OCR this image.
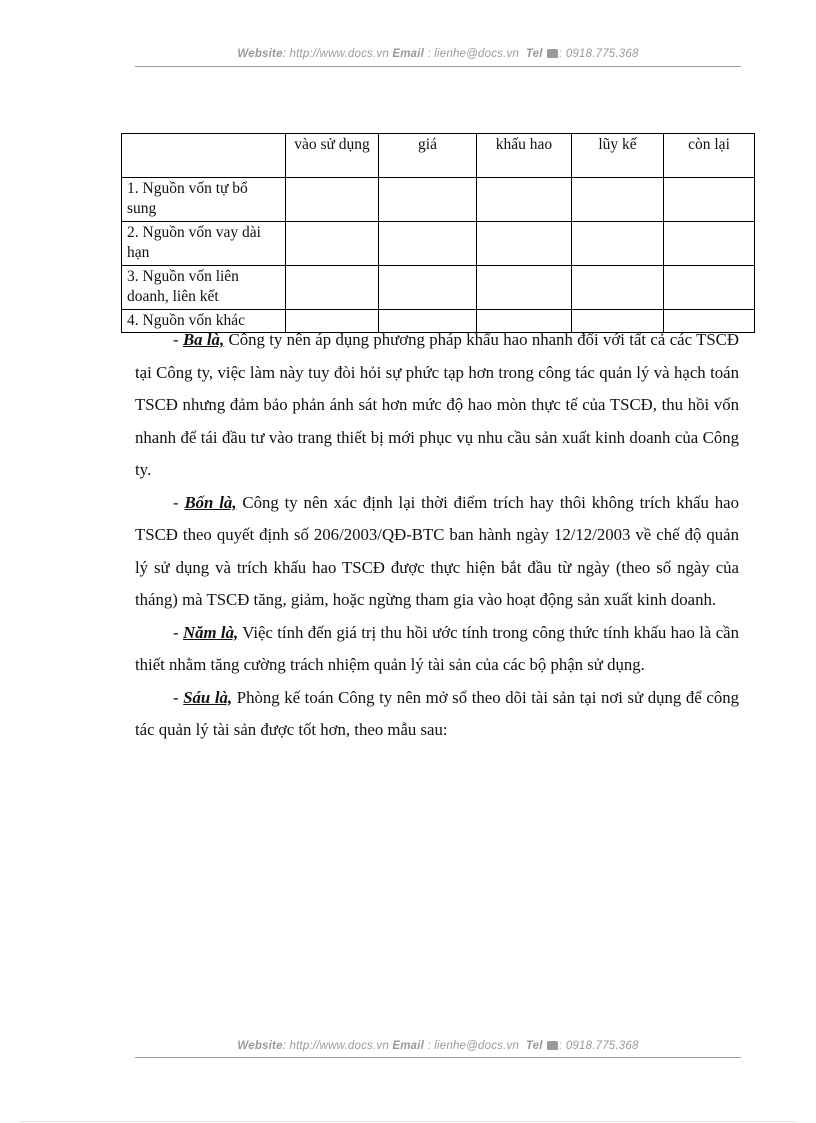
Website: http://www.docs.vn Email : lienhe@docs.vn Tel : 0918.775.368
	vào sử dụng	giá	khấu hao	lũy kế	còn lại
1. Nguồn vốn tự bổ sung					
2. Nguồn vốn vay dài hạn					
3. Nguồn vốn liên doanh, liên kết					
4. Nguồn vốn khác					

- Ba là, Công ty nên áp dụng phương pháp khấu hao nhanh đối với tất cả các TSCĐ tại Công ty, việc làm này tuy đòi hỏi sự phức tạp hơn trong công tác quản lý và hạch toán TSCĐ nhưng đảm bảo phản ánh sát hơn mức độ hao mòn thực tế của TSCĐ, thu hồi vốn nhanh để tái đầu tư vào trang thiết bị mới phục vụ nhu cầu sản xuất kinh doanh của Công ty.

- Bốn là, Công ty nên xác định lại thời điểm trích hay thôi không trích khấu hao TSCĐ theo quyết định số 206/2003/QĐ-BTC ban hành ngày 12/12/2003 về chế độ quản lý sử dụng và trích khấu hao TSCĐ được thực hiện bắt đầu từ ngày (theo số ngày của tháng) mà TSCĐ tăng, giảm, hoặc ngừng tham gia vào hoạt động sản xuất kinh doanh.

- Năm là, Việc tính đến giá trị thu hồi ước tính trong công thức tính khấu hao là cần thiết nhằm tăng cường trách nhiệm quản lý tài sản của các bộ phận sử dụng.

- Sáu là, Phòng kế toán Công ty nên mở sổ theo dõi tài sản tại nơi sử dụng để công tác quản lý tài sản được tốt hơn, theo mẫu sau:

Website: http://www.docs.vn Email : lienhe@docs.vn Tel : 0918.775.368
